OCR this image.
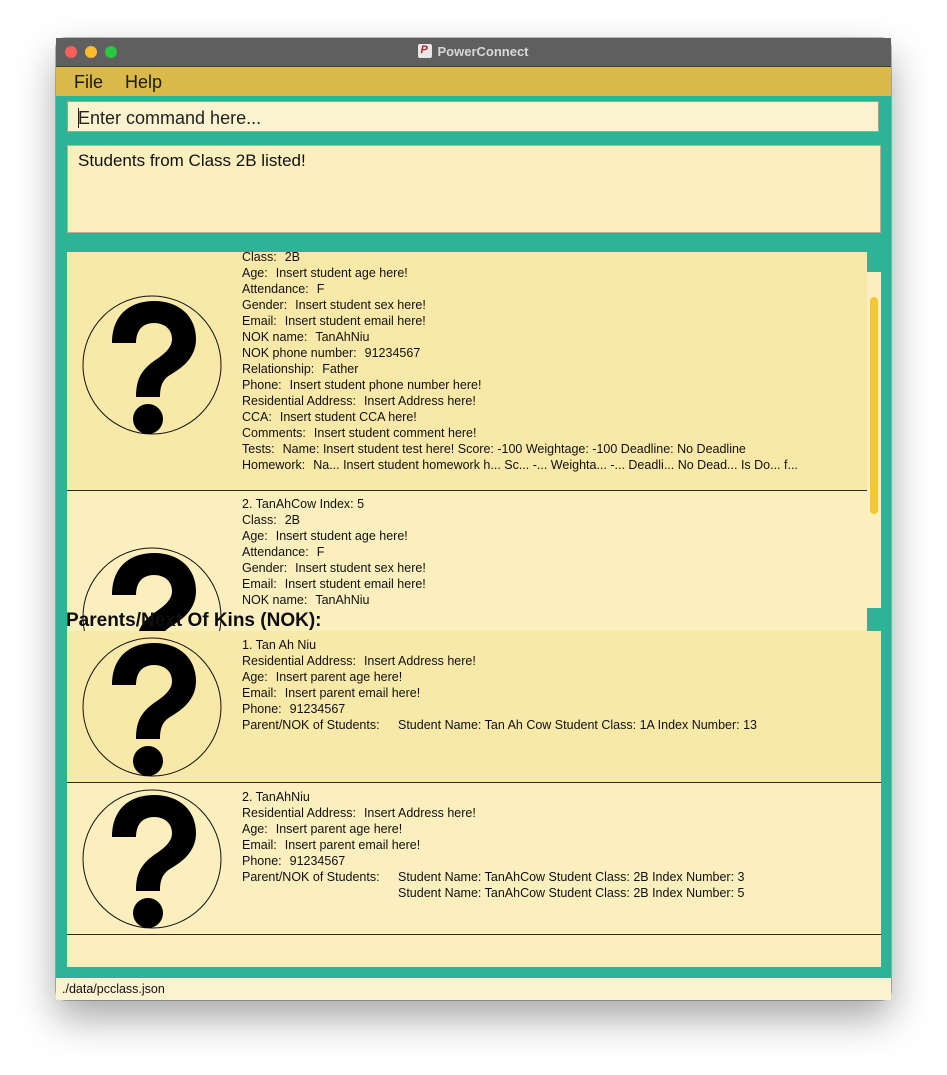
P PowerConnect
File Help
Enter command here...
Students from Class 2B listed!
Class: 2B
Age: Insert student age here!
Attendance: F
Gender: Insert student sex here!
Email: Insert student email here!
NOK name: TanAhNiu
NOK phone number: 91234567
Relationship: Father
Phone: Insert student phone number here!
Residential Address: Insert Address here!
CCA: Insert student CCA here!
Comments: Insert student comment here!
Tests: Name: Insert student test here! Score: -100 Weightage: -100 Deadline: No Deadline
Homework: Na... Insert student homework h... Sc... -... Weighta... -... Deadli... No Dead... Is Do... f...
2. TanAhCow Index: 5
Class: 2B
Age: Insert student age here!
Attendance: F
Gender: Insert student sex here!
Email: Insert student email here!
NOK name: TanAhNiu
Parents/Next Of Kins (NOK):
1. Tan Ah Niu
Residential Address: Insert Address here!
Age: Insert parent age here!
Email: Insert parent email here!
Phone: 91234567
Parent/NOK of Students: Student Name: Tan Ah Cow Student Class: 1A Index Number: 13
2. TanAhNiu
Residential Address: Insert Address here!
Age: Insert parent age here!
Email: Insert parent email here!
Phone: 91234567
Parent/NOK of Students: Student Name: TanAhCow Student Class: 2B Index Number: 3
Student Name: TanAhCow Student Class: 2B Index Number: 5
./data/pcclass.json
